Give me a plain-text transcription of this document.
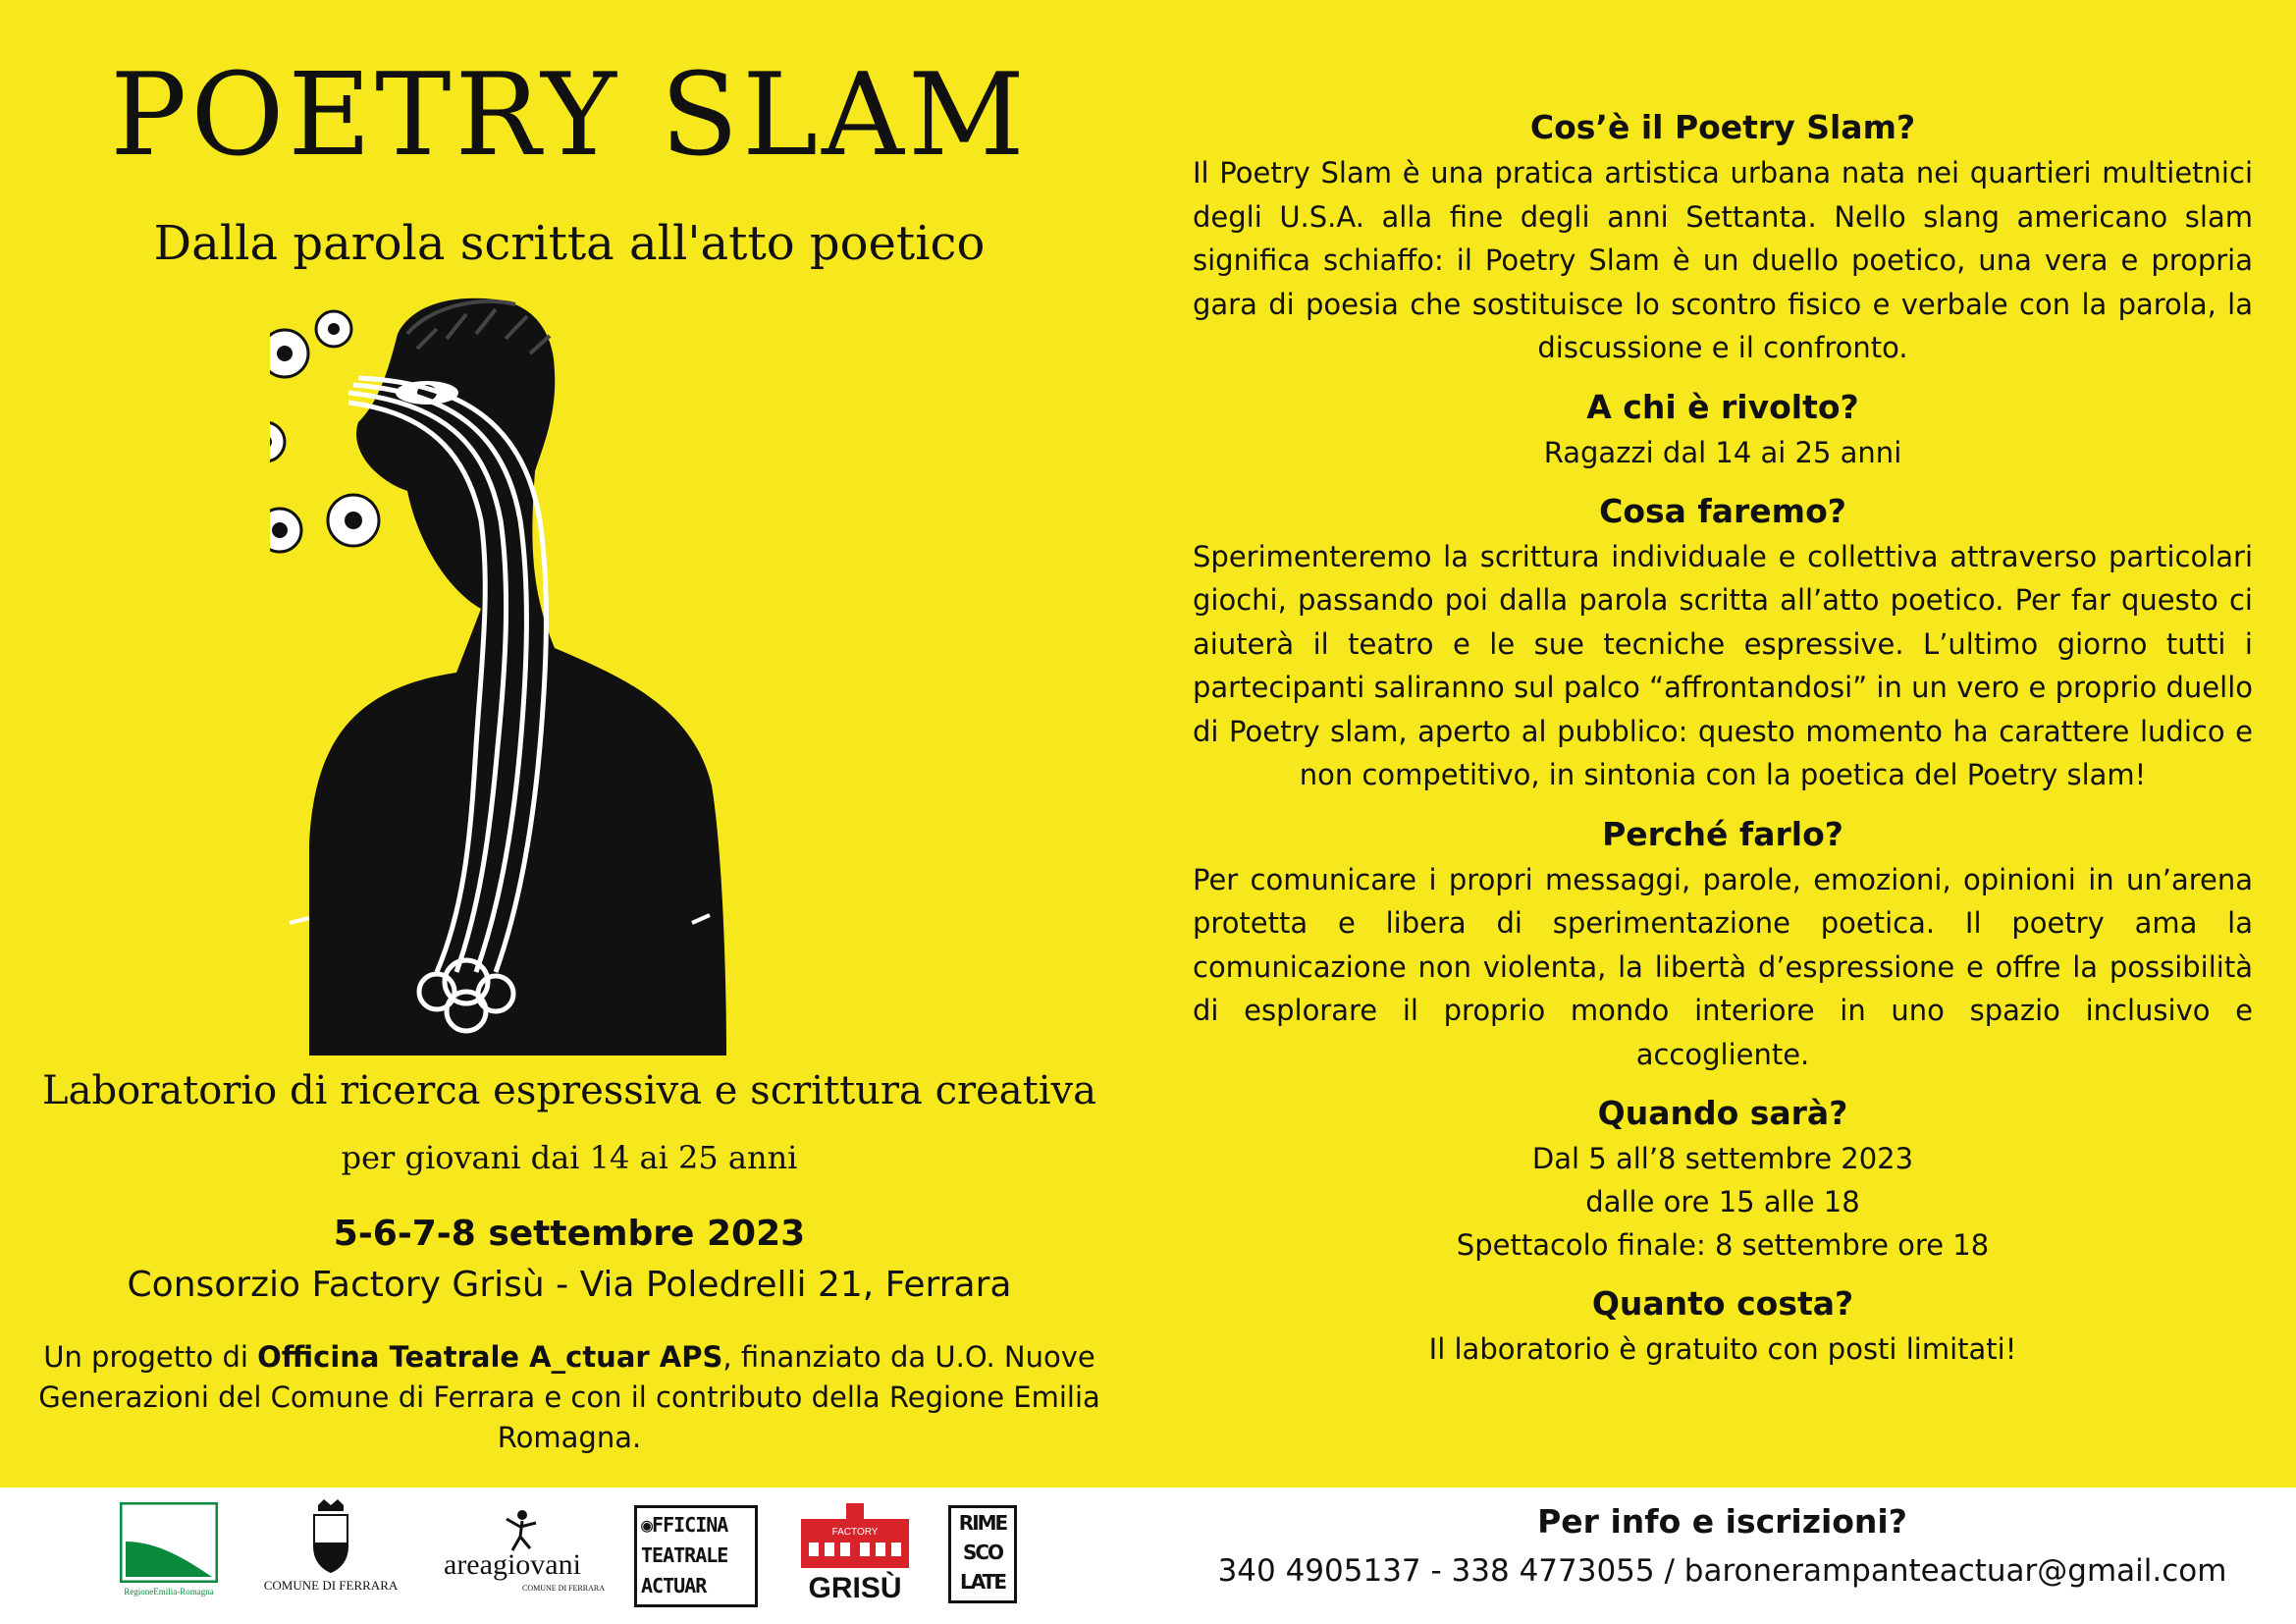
POETRY SLAM

Dalla parola scritta all'atto poetico

Laboratorio di ricerca espressiva e scrittura creativa

per giovani dai 14 ai 25 anni

5-6-7-8 settembre 2023

Consorzio Factory Grisù - Via Poledrelli 21, Ferrara

Un progetto di Officina Teatrale A_ctuar APS, finanziato da U.O. Nuove Generazioni del Comune di Ferrara e con il contributo della Regione Emilia Romagna.

Cos’è il Poetry Slam?

Il Poetry Slam è una pratica artistica urbana nata nei quartieri multietnici degli U.S.A. alla fine degli anni Settanta. Nello slang americano slam significa schiaffo: il Poetry Slam è un duello poetico, una vera e propria gara di poesia che sostituisce lo scontro fisico e verbale con la parola, la discussione e il confronto.

A chi è rivolto?

Ragazzi dal 14 ai 25 anni

Cosa faremo?

Sperimenteremo la scrittura individuale e collettiva attraverso particolari giochi, passando poi dalla parola scritta all’atto poetico. Per far questo ci aiuterà il teatro e le sue tecniche espressive. L’ultimo giorno tutti i partecipanti saliranno sul palco “affrontandosi” in un vero e proprio duello di Poetry slam, aperto al pubblico: questo momento ha carattere ludico e non competitivo, in sintonia con la poetica del Poetry slam!

Perché farlo?

Per comunicare i propri messaggi, parole, emozioni, opinioni in un’arena protetta e libera di sperimentazione poetica. Il poetry ama la comunicazione non violenta, la libertà d’espressione e offre la possibilità di esplorare il proprio mondo interiore in uno spazio inclusivo e accogliente.

Quando sarà?

Dal 5 all’8 settembre 2023

dalle ore 15 alle 18

Spettacolo finale: 8 settembre ore 18

Quanto costa?

Il laboratorio è gratuito con posti limitati!

RegioneEmilia-Romagna	COMUNE DI FERRARA
areagiovani
COMUNE DI FERRARA
◉FFICINA
TEATRALE
ACTUAR
FACTORY
GRISÙ
RIME
SCO
LATE

Per info e iscrizioni?

340 4905137 - 338 4773055 / baronerampanteactuar@gmail.com
